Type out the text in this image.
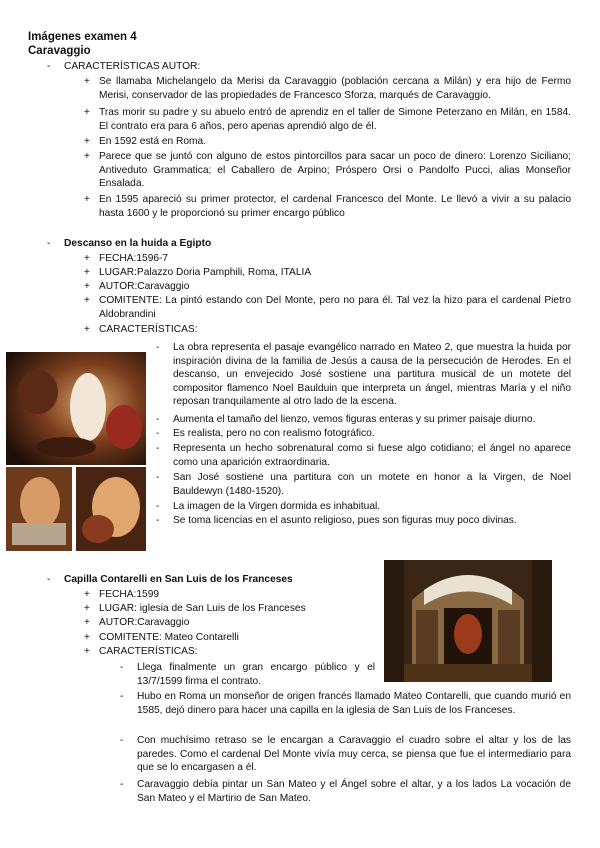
Imágenes examen 4
Caravaggio
- CARACTERÍSTICAS AUTOR:
+ Se llamaba Michelangelo da Merisi da Caravaggio (población cercana a Milán) y era hijo de Fermo Merisi, conservador de las propiedades de Francesco Sforza, marqués de Caravaggio.
+ Tras morir su padre y su abuelo entró de aprendiz en el taller de Simone Peterzano en Milán, en 1584. El contrato era para 6 años, pero apenas aprendió algo de él.
+ En 1592 está en Roma.
+ Parece que se juntó con alguno de estos pintorcillos para sacar un poco de dinero: Lorenzo Siciliano; Antiveduto Grammatica; el Caballero de Arpino; Próspero Orsi o Pandolfo Pucci, alias Monseñor Ensalada.
+ En 1595 apareció su primer protector, el cardenal Francesco del Monte. Le llevó a vivir a su palacio hasta 1600 y le proporcionó su primer encargo público
- Descanso en la huida a Egipto
+ FECHA:1596-7
+ LUGAR:Palazzo Doria Pamphili, Roma, ITALIA
+ AUTOR:Caravaggio
+ COMITENTE: La pintó estando con Del Monte, pero no para él. Tal vez la hizo para el cardenal Pietro Aldobrandini
+ CARACTERÍSTICAS:
- La obra representa el pasaje evangélico narrado en Mateo 2, que muestra la huida por inspiración divina de la familia de Jesús a causa de la persecución de Herodes. En el descanso, un envejecido José sostiene una partitura musical de un motete del compositor flamenco Noel Baulduin que interpreta un ángel, mientras María y el niño reposan tranquilamente al otro lado de la escena.
- Aumenta el tamaño del lienzo, vemos figuras enteras y su primer paisaje diurno.
- Es realista, pero no con realismo fotográfico.
- Representa un hecho sobrenatural como si fuese algo cotidiano; el ángel no aparece como una aparición extraordinaria.
- San José sostiene una partitura con un motete en honor a la Virgen, de Noel Bauldewyn (1480-1520).
- La imagen de la Virgen dormida es inhabitual.
- Se toma licencias en el asunto religioso, pues son figuras muy poco divinas.
- Capilla Contarelli en San Luis de los Franceses
+ FECHA:1599
+ LUGAR: iglesia de San Luis de los Franceses
+ AUTOR:Caravaggio
+ COMITENTE: Mateo Contarelli
+ CARACTERÍSTICAS:
- Llega finalmente un gran encargo público y el 13/7/1599 firma el contrato.
- Hubo en Roma un monseñor de origen francés llamado Mateo Contarelli, que cuando murió en 1585, dejó dinero para hacer una capilla en la iglesia de San Luis de los Franceses.
- Con muchísimo retraso se le encargan a Caravaggio el cuadro sobre el altar y los de las paredes. Como el cardenal Del Monte vivía muy cerca, se piensa que fue el intermediario para que se lo encargasen a él.
- Caravaggio debía pintar un San Mateo y el Ángel sobre el altar, y a los lados La vocación de San Mateo y el Martirio de San Mateo.
